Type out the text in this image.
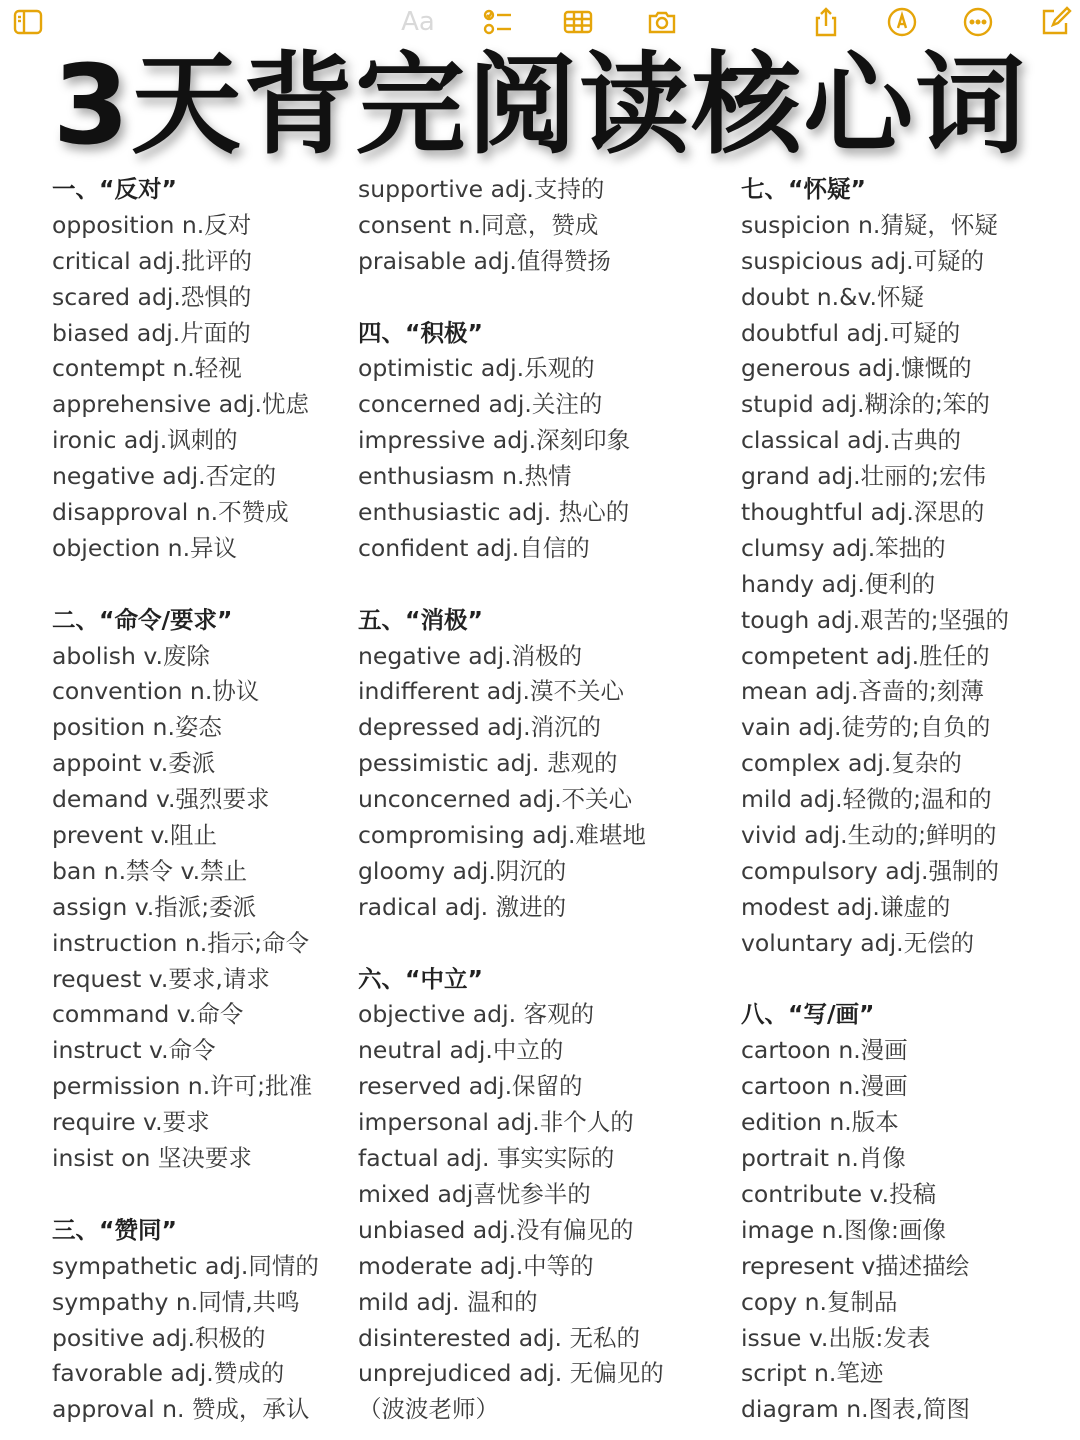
Aa
3天背完阅读核心词
一、“反对”
opposition n.反对
critical adj.批评的
scared adj.恐惧的
biased adj.片面的
contempt n.轻视
apprehensive adj.忧虑
ironic adj.讽刺的
negative adj.否定的
disapproval n.不赞成
objection n.异议
二、“命令/要求”
abolish v.废除
convention n.协议
position n.姿态
appoint v.委派
demand v.强烈要求
prevent v.阻止
ban n.禁令 v.禁止
assign v.指派;委派
instruction n.指示;命令
request v.要求,请求
command v.命令
instruct v.命令
permission n.许可;批准
require v.要求
insist on 坚决要求
三、“赞同”
sympathetic adj.同情的
sympathy n.同情,共鸣
positive adj.积极的
favorable adj.赞成的
approval n. 赞成，承认
supportive adj.支持的
consent n.同意，赞成
praisable adj.值得赞扬
四、“积极”
optimistic adj.乐观的
concerned adj.关注的
impressive adj.深刻印象
enthusiasm n.热情
enthusiastic adj. 热心的
confident adj.自信的
五、“消极”
negative adj.消极的
indifferent adj.漠不关心
depressed adj.消沉的
pessimistic adj. 悲观的
unconcerned adj.不关心
compromising adj.难堪地
gloomy adj.阴沉的
radical adj. 激进的
六、“中立”
objective adj. 客观的
neutral adj.中立的
reserved adj.保留的
impersonal adj.非个人的
factual adj. 事实实际的
mixed adj喜忧参半的
unbiased adj.没有偏见的
moderate adj.中等的
mild adj. 温和的
disinterested adj. 无私的
unprejudiced adj. 无偏见的
（波波老师）
七、“怀疑”
suspicion n.猜疑，怀疑
suspicious adj.可疑的
doubt n.&v.怀疑
doubtful adj.可疑的
generous adj.慷慨的
stupid adj.糊涂的;笨的
classical adj.古典的
grand adj.壮丽的;宏伟
thoughtful adj.深思的
clumsy adj.笨拙的
handy adj.便利的
tough adj.艰苦的;坚强的
competent adj.胜任的
mean adj.吝啬的;刻薄
vain adj.徒劳的;自负的
complex adj.复杂的
mild adj.轻微的;温和的
vivid adj.生动的;鲜明的
compulsory adj.强制的
modest adj.谦虚的
voluntary adj.无偿的
八、“写/画”
cartoon n.漫画
cartoon n.漫画
edition n.版本
portrait n.肖像
contribute v.投稿
image n.图像:画像
represent v描述描绘
copy n.复制品
issue v.出版:发表
script n.笔迹
diagram n.图表,简图
